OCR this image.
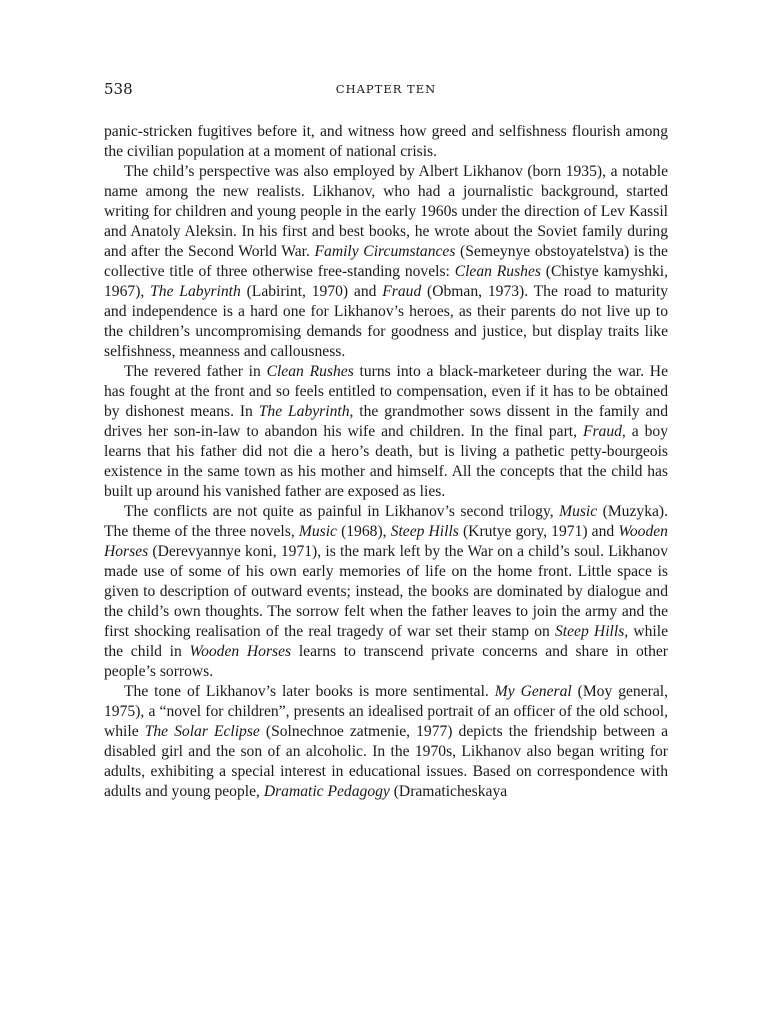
538	CHAPTER TEN

panic-stricken fugitives before it, and witness how greed and selfishness flourish among the civilian population at a moment of national crisis.

The child’s perspective was also employed by Albert Likhanov (born 1935), a notable name among the new realists. Likhanov, who had a journalistic background, started writing for children and young people in the early 1960s under the direction of Lev Kassil and Anatoly Aleksin. In his first and best books, he wrote about the Soviet family during and after the Second World War. Family Circumstances (Semeynye obstoyatelstva) is the collective title of three otherwise free-standing novels: Clean Rushes (Chistye kamyshki, 1967), The Labyrinth (Labirint, 1970) and Fraud (Obman, 1973). The road to maturity and independence is a hard one for Likhanov’s heroes, as their parents do not live up to the children’s uncompromising demands for goodness and justice, but display traits like selfishness, meanness and callousness.

The revered father in Clean Rushes turns into a black-marketeer during the war. He has fought at the front and so feels entitled to compensation, even if it has to be obtained by dishonest means. In The Labyrinth, the grandmother sows dissent in the family and drives her son-in-law to abandon his wife and children. In the final part, Fraud, a boy learns that his father did not die a hero’s death, but is living a pathetic petty-bourgeois existence in the same town as his mother and himself. All the concepts that the child has built up around his vanished father are exposed as lies.

The conflicts are not quite as painful in Likhanov’s second trilogy, Music (Muzyka). The theme of the three novels, Music (1968), Steep Hills (Krutye gory, 1971) and Wooden Horses (Derevyannye koni, 1971), is the mark left by the War on a child’s soul. Likhanov made use of some of his own early memories of life on the home front. Little space is given to description of outward events; instead, the books are dominated by dialogue and the child’s own thoughts. The sorrow felt when the father leaves to join the army and the first shocking realisation of the real tragedy of war set their stamp on Steep Hills, while the child in Wooden Horses learns to transcend private concerns and share in other people’s sorrows.

The tone of Likhanov’s later books is more sentimental. My General (Moy general, 1975), a “novel for children”, presents an idealised portrait of an officer of the old school, while The Solar Eclipse (Solnechnoe zatmenie, 1977) depicts the friendship between a disabled girl and the son of an alcoholic. In the 1970s, Likhanov also began writing for adults, exhibiting a special interest in educational issues. Based on correspondence with adults and young people, Dramatic Pedagogy (Dramaticheskaya
